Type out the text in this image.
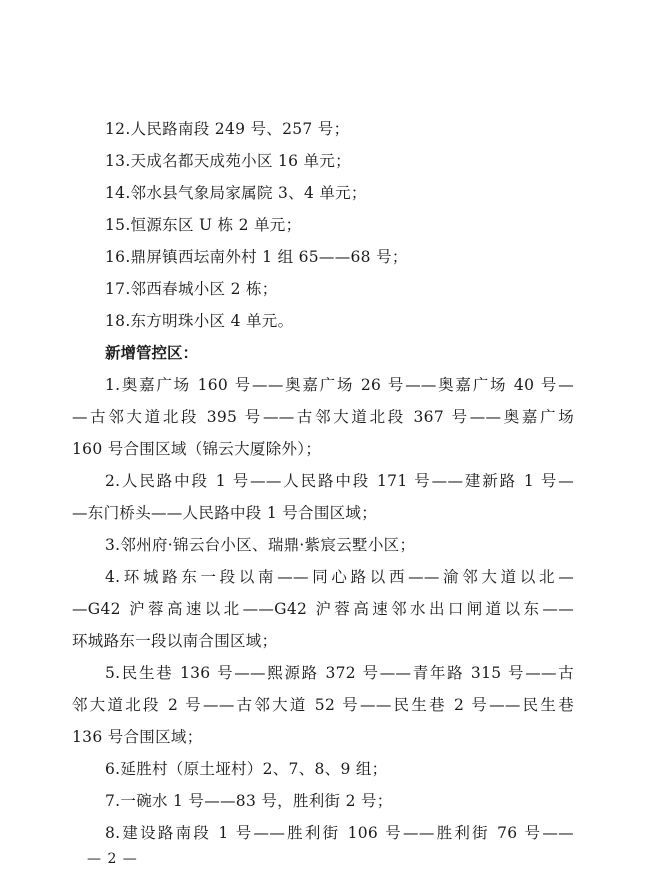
12.人民路南段 249 号、257 号；
13.天成名都天成苑小区 16 单元；
14.邻水县气象局家属院 3、4 单元；
15.恒源东区 U 栋 2 单元；
16.鼎屏镇西坛南外村 1 组 65——68 号；
17.邻西春城小区 2 栋；
18.东方明珠小区 4 单元。
新增管控区：
1.奥嘉广场 160 号——奥嘉广场 26 号——奥嘉广场 40 号—
—古邻大道北段 395 号——古邻大道北段 367 号——奥嘉广场
160 号合围区域（锦云大厦除外）；
2.人民路中段 1 号——人民路中段 171 号——建新路 1 号—
—东门桥头——人民路中段 1 号合围区域；
3.邻州府·锦云台小区、瑞鼎·紫宸云墅小区；
4.环城路东一段以南——同心路以西——渝邻大道以北—
—G42 沪蓉高速以北——G42 沪蓉高速邻水出口闸道以东——
环城路东一段以南合围区域；
5.民生巷 136 号——熙源路 372 号——青年路 315 号——古
邻大道北段 2 号——古邻大道 52 号——民生巷 2 号——民生巷
136 号合围区域；
6.延胜村（原土垭村）2、7、8、9 组；
7.一碗水 1 号——83 号，胜利街 2 号；
8.建设路南段 1 号——胜利街 106 号——胜利街 76 号——
— 2 —
